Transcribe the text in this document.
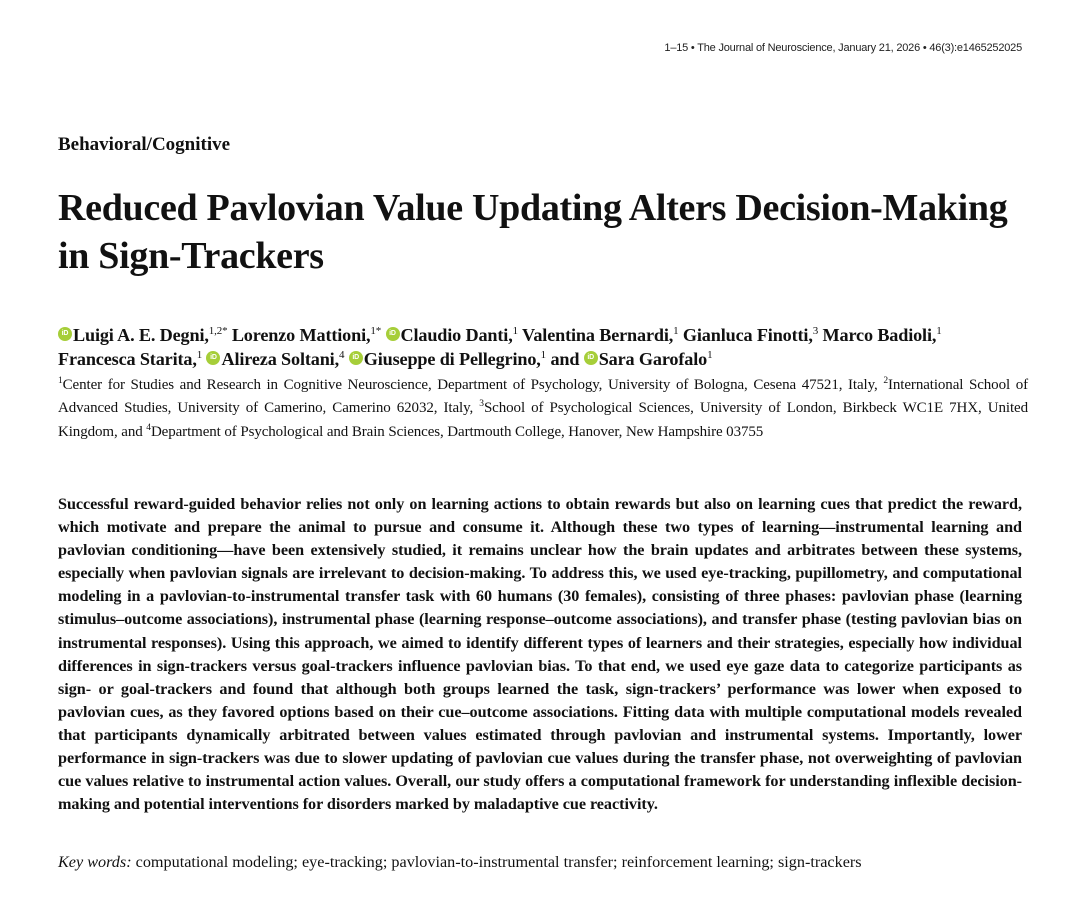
1–15 • The Journal of Neuroscience, January 21, 2026 • 46(3):e1465252025
Behavioral/Cognitive
Reduced Pavlovian Value Updating Alters Decision-Making in Sign-Trackers
iD Luigi A. E. Degni,$^{1,2*}$ Lorenzo Mattioni,$^{1*}$ iD Claudio Danti,$^1$ Valentina Bernardi,$^1$ Gianluca Finotti,$^3$ Marco Badioli,$^1$ Francesca Starita,$^1$ iD Alireza Soltani,$^4$ iD Giuseppe di Pellegrino,$^1$ and iD Sara Garofalo$^1$
$^1$Center for Studies and Research in Cognitive Neuroscience, Department of Psychology, University of Bologna, Cesena 47521, Italy, $^2$International School of Advanced Studies, University of Camerino, Camerino 62032, Italy, $^3$School of Psychological Sciences, University of London, Birkbeck WC1E 7HX, United Kingdom, and $^4$Department of Psychological and Brain Sciences, Dartmouth College, Hanover, New Hampshire 03755

Successful reward-guided behavior relies not only on learning actions to obtain rewards but also on learning cues that predict the reward, which motivate and prepare the animal to pursue and consume it. Although these two types of learning—instrumental learning and pavlovian conditioning—have been extensively studied, it remains unclear how the brain updates and arbitrates between these systems, especially when pavlovian signals are irrelevant to decision-making. To address this, we used eye-tracking, pupillometry, and computational modeling in a pavlovian-to-instrumental transfer task with 60 humans (30 females), consisting of three phases: pavlovian phase (learning stimulus–outcome associations), instrumental phase (learning response–outcome associations), and transfer phase (testing pavlovian bias on instrumental responses). Using this approach, we aimed to identify different types of learners and their strategies, especially how individual differences in sign-trackers versus goal-trackers influence pavlovian bias. To that end, we used eye gaze data to categorize participants as sign- or goal-trackers and found that although both groups learned the task, sign-trackers’ performance was lower when exposed to pavlovian cues, as they favored options based on their cue–outcome associations. Fitting data with multiple computational models revealed that participants dynamically arbitrated between values estimated through pavlovian and instrumental systems. Importantly, lower performance in sign-trackers was due to slower updating of pavlovian cue values during the transfer phase, not overweighting of pavlovian cue values relative to instrumental action values. Overall, our study offers a computational framework for understanding inflexible decision-making and potential interventions for disorders marked by maladaptive cue reactivity.

Key words: computational modeling; eye-tracking; pavlovian-to-instrumental transfer; reinforcement learning; sign-trackers
